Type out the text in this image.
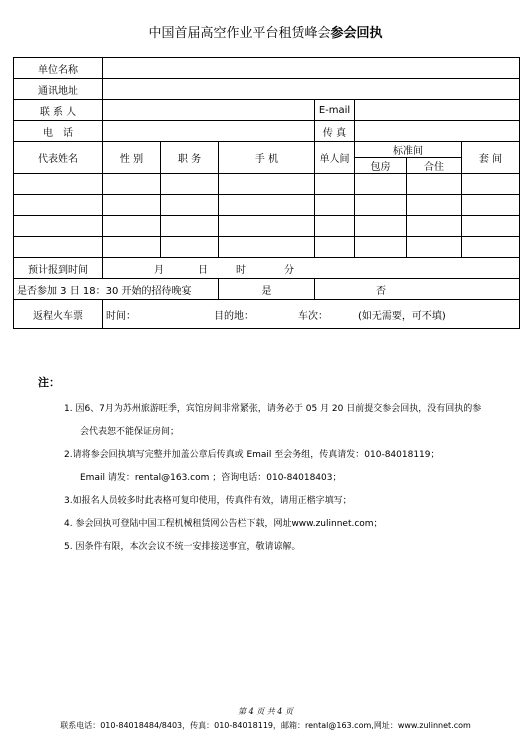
中国首届高空作业平台租赁峰会参会回执
单位名称							
通讯地址							
联 系 人				E-mail			
电　话				传 真			
代表姓名	性 别	职 务	手 机	单人间	标准间		套 间
					包房	合住	

预计报到时间	月 日 时 分						
是否参加 3 日 18：30 开始的招待晚宴			是	否			
返程火车票	时间： 目的地： 车次： (如无需要，可不填)						
注：
1. 因6、7月为苏州旅游旺季，宾馆房间非常紧张，请务必于 05 月 20 日前提交参会回执，没有回执的参
会代表恕不能保证房间；
2.请将参会回执填写完整并加盖公章后传真或 Email 至会务组，传真请发：010-84018119；
Email 请发：rental@163.com ；咨询电话：010-84018403；
3.如报名人员较多时此表格可复印使用，传真件有效，请用正楷字填写；
4. 参会回执可登陆中国工程机械租赁网公告栏下载，网址www.zulinnet.com；
5. 因条件有限，本次会议不统一安排接送事宜，敬请谅解。
第 4 页 共 4 页
联系电话：010-84018484/8403，传真：010-84018119，邮箱：rental@163.com,网址：www.zulinnet.com
